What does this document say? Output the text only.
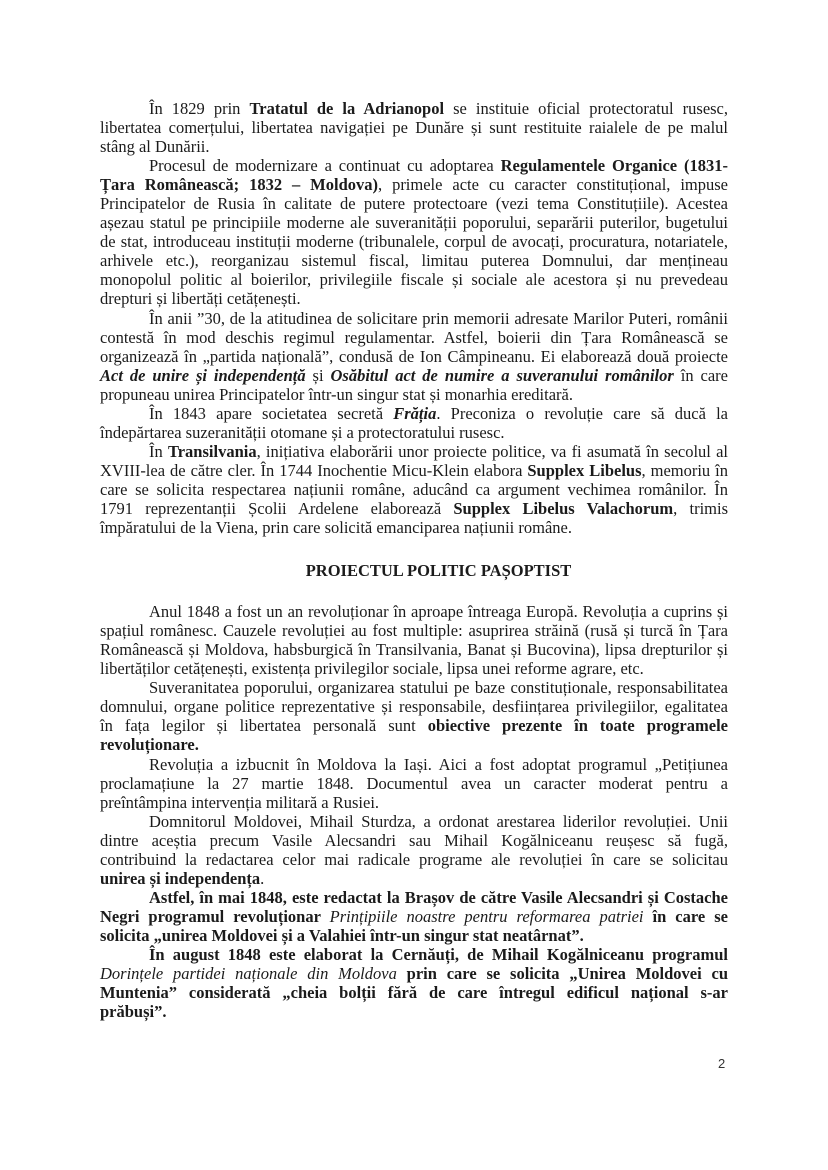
În 1829 prin Tratatul de la Adrianopol se instituie oficial protectoratul rusesc,
libertatea comerțului, libertatea navigației pe Dunăre și sunt restituite raialele de pe malul
stâng al Dunării.
Procesul de modernizare a continuat cu adoptarea Regulamentele Organice (1831-
Țara Românească; 1832 – Moldova), primele acte cu caracter constituțional, impuse
Principatelor de Rusia în calitate de putere protectoare (vezi tema Constituțiile). Acestea
așezau statul pe principiile moderne ale suveranității poporului, separării puterilor, bugetului
de stat, introduceau instituții moderne (tribunalele, corpul de avocați, procuratura, notariatele,
arhivele etc.), reorganizau sistemul fiscal, limitau puterea Domnului, dar mențineau
monopolul politic al boierilor, privilegiile fiscale și sociale ale acestora și nu prevedeau
drepturi și libertăți cetățenești.
În anii ”30, de la atitudinea de solicitare prin memorii adresate Marilor Puteri, românii
contestă în mod deschis regimul regulamentar. Astfel, boierii din Țara Românească se
organizează în „partida națională”, condusă de Ion Câmpineanu. Ei elaborează două proiecte
Act de unire și independență și Osăbitul act de numire a suveranului românilor în care
propuneau unirea Principatelor într-un singur stat și monarhia ereditară.
În 1843 apare societatea secretă Frăția. Preconiza o revoluție care să ducă la
îndepărtarea suzeranității otomane și a protectoratului rusesc.
În Transilvania, inițiativa elaborării unor proiecte politice, va fi asumată în secolul al
XVIII-lea de către cler. În 1744 Inochentie Micu-Klein elabora Supplex Libelus, memoriu în
care se solicita respectarea națiunii române, aducând ca argument vechimea românilor. În
1791 reprezentanții Școlii Ardelene elaborează Supplex Libelus Valachorum, trimis
împăratului de la Viena, prin care solicită emanciparea națiunii române.
PROIECTUL POLITIC PAȘOPTIST
Anul 1848 a fost un an revoluționar în aproape întreaga Europă. Revoluția a cuprins și
spațiul românesc. Cauzele revoluției au fost multiple: asuprirea străină (rusă și turcă în Țara
Românească și Moldova, habsburgică în Transilvania, Banat și Bucovina), lipsa drepturilor și
libertăților cetățenești, existența privilegilor sociale, lipsa unei reforme agrare, etc.
Suveranitatea poporului, organizarea statului pe baze constituționale, responsabilitatea
domnului, organe politice reprezentative și responsabile, desființarea privilegiilor, egalitatea
în fața legilor și libertatea personală sunt obiective prezente în toate programele
revoluționare.
Revoluția a izbucnit în Moldova la Iași. Aici a fost adoptat programul „Petițiunea
proclamațiune la 27 martie 1848. Documentul avea un caracter moderat pentru a
preîntâmpina intervenția militară a Rusiei.
Domnitorul Moldovei, Mihail Sturdza, a ordonat arestarea liderilor revoluției. Unii
dintre aceștia precum Vasile Alecsandri sau Mihail Kogălniceanu reușesc să fugă,
contribuind la redactarea celor mai radicale programe ale revoluției în care se solicitau
unirea și independența.
Astfel, în mai 1848, este redactat la Brașov de către Vasile Alecsandri și Costache
Negri programul revoluționar Prințipiile noastre pentru reformarea patriei în care se
solicita „unirea Moldovei și a Valahiei într-un singur stat neatârnat”.
În august 1848 este elaborat la Cernăuți, de Mihail Kogălniceanu programul
Dorințele partidei naționale din Moldova prin care se solicita „Unirea Moldovei cu
Muntenia” considerată „cheia bolții fără de care întregul edificul național s-ar
prăbuși”.
2
